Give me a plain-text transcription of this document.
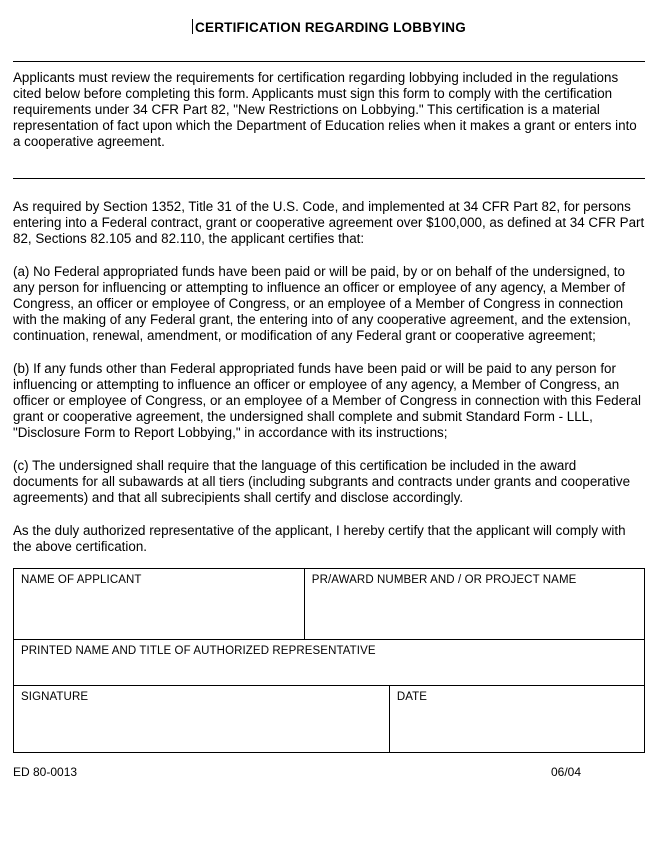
CERTIFICATION REGARDING LOBBYING

Applicants must review the requirements for certification regarding lobbying included in the regulations cited below before completing this form. Applicants must sign this form to comply with the certification requirements under 34 CFR Part 82, "New Restrictions on Lobbying." This certification is a material representation of fact upon which the Department of Education relies when it makes a grant or enters into a cooperative agreement.

As required by Section 1352, Title 31 of the U.S. Code, and implemented at 34 CFR Part 82, for persons entering into a Federal contract, grant or cooperative agreement over $100,000, as defined at 34 CFR Part 82, Sections 82.105 and 82.110, the applicant certifies that:

(a) No Federal appropriated funds have been paid or will be paid, by or on behalf of the undersigned, to any person for influencing or attempting to influence an officer or employee of any agency, a Member of Congress, an officer or employee of Congress, or an employee of a Member of Congress in connection with the making of any Federal grant, the entering into of any cooperative agreement, and the extension, continuation, renewal, amendment, or modification of any Federal grant or cooperative agreement;

(b) If any funds other than Federal appropriated funds have been paid or will be paid to any person for influencing or attempting to influence an officer or employee of any agency, a Member of Congress, an officer or employee of Congress, or an employee of a Member of Congress in connection with this Federal grant or cooperative agreement, the undersigned shall complete and submit Standard Form - LLL, "Disclosure Form to Report Lobbying," in accordance with its instructions;

(c) The undersigned shall require that the language of this certification be included in the award documents for all subawards at all tiers (including subgrants and contracts under grants and cooperative agreements) and that all subrecipients shall certify and disclose accordingly.

As the duly authorized representative of the applicant, I hereby certify that the applicant will comply with the above certification.

NAME OF APPLICANT	PR/AWARD NUMBER AND / OR PROJECT NAME
PRINTED NAME AND TITLE OF AUTHORIZED REPRESENTATIVE
SIGNATURE	DATE
ED 80-0013	06/04
